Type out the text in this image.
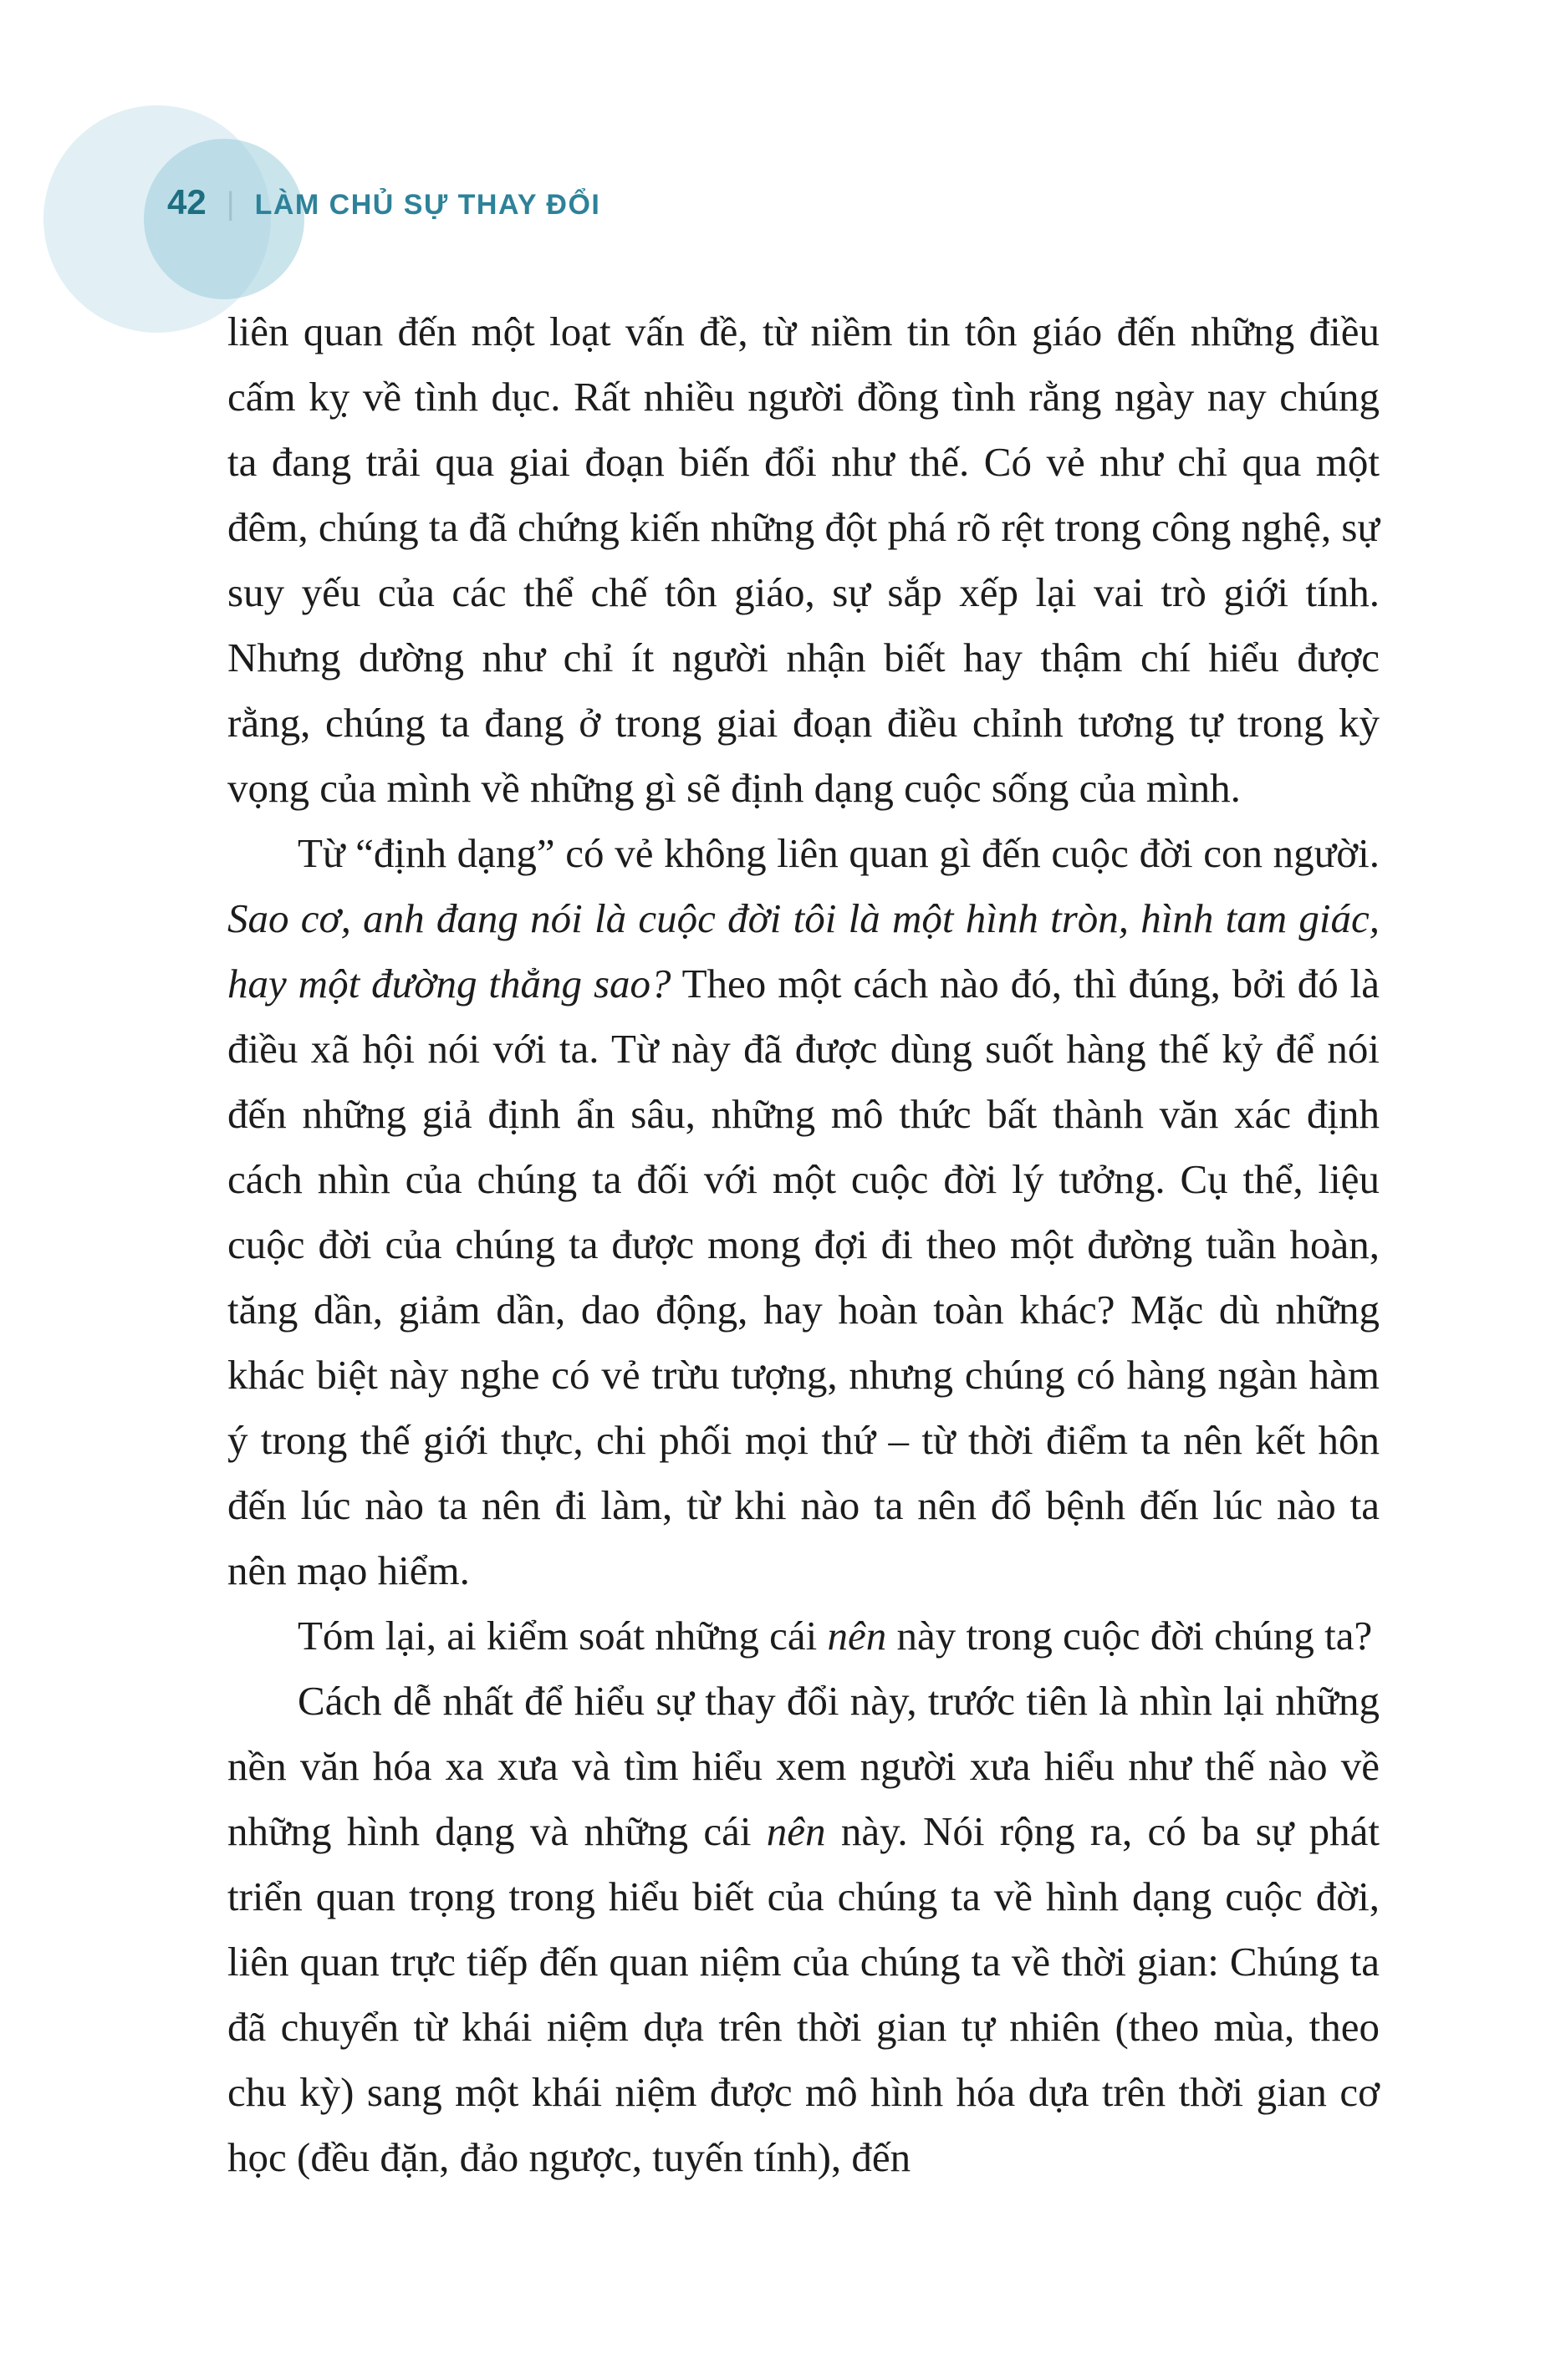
42 | LÀM CHỦ SỰ THAY ĐỔI

liên quan đến một loạt vấn đề, từ niềm tin tôn giáo đến những điều cấm kỵ về tình dục. Rất nhiều người đồng tình rằng ngày nay chúng ta đang trải qua giai đoạn biến đổi như thế. Có vẻ như chỉ qua một đêm, chúng ta đã chứng kiến những đột phá rõ rệt trong công nghệ, sự suy yếu của các thể chế tôn giáo, sự sắp xếp lại vai trò giới tính. Nhưng dường như chỉ ít người nhận biết hay thậm chí hiểu được rằng, chúng ta đang ở trong giai đoạn điều chỉnh tương tự trong kỳ vọng của mình về những gì sẽ định dạng cuộc sống của mình.

Từ “định dạng” có vẻ không liên quan gì đến cuộc đời con người. Sao cơ, anh đang nói là cuộc đời tôi là một hình tròn, hình tam giác, hay một đường thẳng sao? Theo một cách nào đó, thì đúng, bởi đó là điều xã hội nói với ta. Từ này đã được dùng suốt hàng thế kỷ để nói đến những giả định ẩn sâu, những mô thức bất thành văn xác định cách nhìn của chúng ta đối với một cuộc đời lý tưởng. Cụ thể, liệu cuộc đời của chúng ta được mong đợi đi theo một đường tuần hoàn, tăng dần, giảm dần, dao động, hay hoàn toàn khác? Mặc dù những khác biệt này nghe có vẻ trừu tượng, nhưng chúng có hàng ngàn hàm ý trong thế giới thực, chi phối mọi thứ – từ thời điểm ta nên kết hôn đến lúc nào ta nên đi làm, từ khi nào ta nên đổ bệnh đến lúc nào ta nên mạo hiểm.

Tóm lại, ai kiểm soát những cái nên này trong cuộc đời chúng ta?

Cách dễ nhất để hiểu sự thay đổi này, trước tiên là nhìn lại những nền văn hóa xa xưa và tìm hiểu xem người xưa hiểu như thế nào về những hình dạng và những cái nên này. Nói rộng ra, có ba sự phát triển quan trọng trong hiểu biết của chúng ta về hình dạng cuộc đời, liên quan trực tiếp đến quan niệm của chúng ta về thời gian: Chúng ta đã chuyển từ khái niệm dựa trên thời gian tự nhiên (theo mùa, theo chu kỳ) sang một khái niệm được mô hình hóa dựa trên thời gian cơ học (đều đặn, đảo ngược, tuyến tính), đến
